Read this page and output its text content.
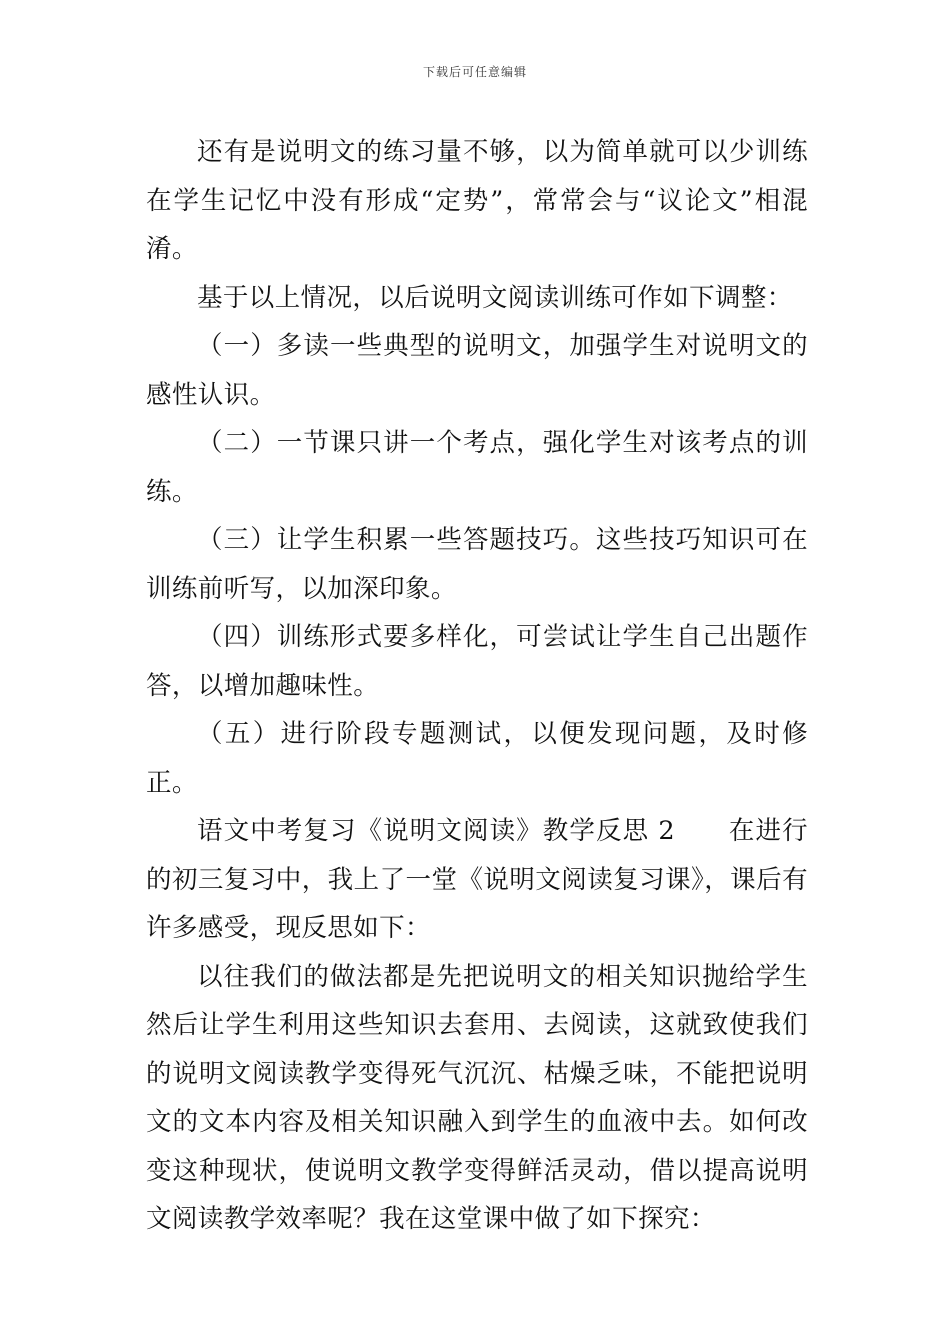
下载后可任意编辑

还有是说明文的练习量不够，以为简单就可以少训练在学生记忆中没有形成“定势”，常常会与“议论文”相混淆。

基于以上情况，以后说明文阅读训练可作如下调整：

（一）多读一些典型的说明文，加强学生对说明文的感性认识。

（二）一节课只讲一个考点，强化学生对该考点的训练。

（三）让学生积累一些答题技巧。这些技巧知识可在训练前听写，以加深印象。

（四）训练形式要多样化，可尝试让学生自己出题作答，以增加趣味性。

（五）进行阶段专题测试，以便发现问题，及时修正。

语文中考复习《说明文阅读》教学反思 2　　在进行的初三复习中，我上了一堂《说明文阅读复习课》，课后有许多感受，现反思如下：

以往我们的做法都是先把说明文的相关知识抛给学生然后让学生利用这些知识去套用、去阅读，这就致使我们的说明文阅读教学变得死气沉沉、枯燥乏味，不能把说明文的文本内容及相关知识融入到学生的血液中去。如何改变这种现状，使说明文教学变得鲜活灵动，借以提高说明文阅读教学效率呢？我在这堂课中做了如下探究：
